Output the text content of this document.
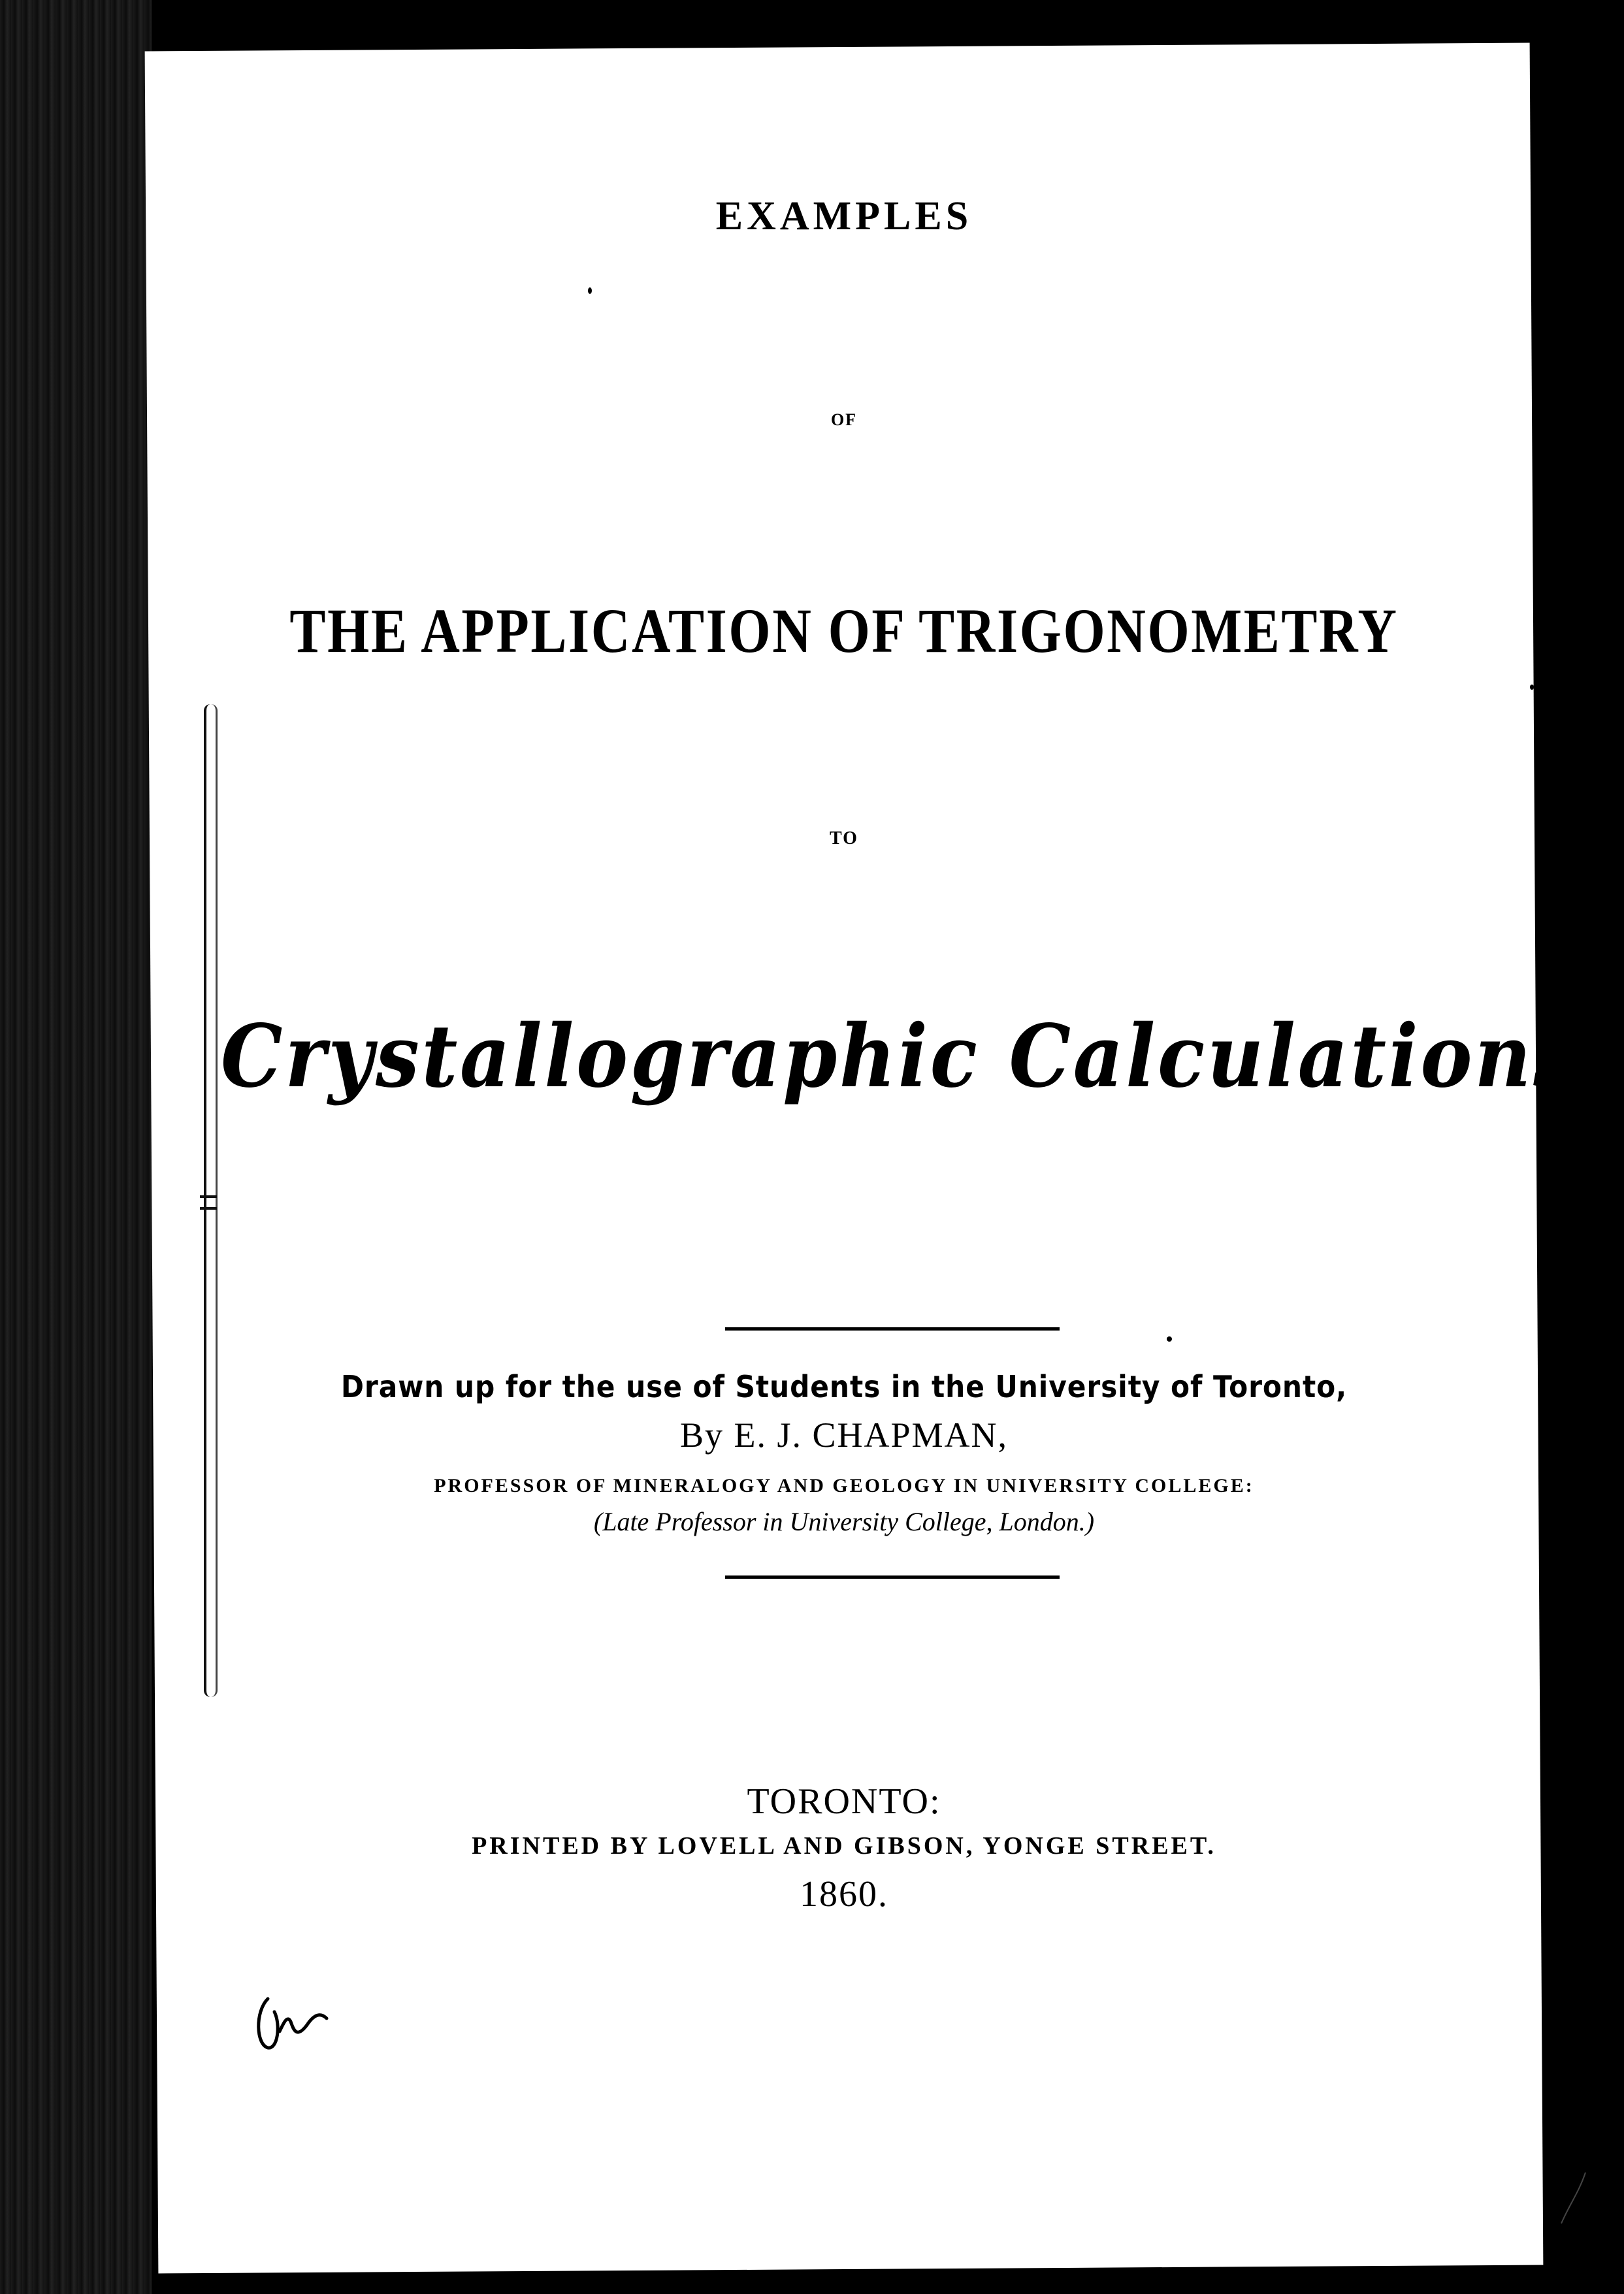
EXAMPLES
OF
THE APPLICATION OF TRIGONOMETRY
TO
Crystallographic Calculations.
Drawn up for the use of Students in the University of Toronto,
By E. J. CHAPMAN,
PROFESSOR OF MINERALOGY AND GEOLOGY IN UNIVERSITY COLLEGE:
(Late Professor in University College, London.)
TORONTO:
PRINTED BY LOVELL AND GIBSON, YONGE STREET.
1860.
